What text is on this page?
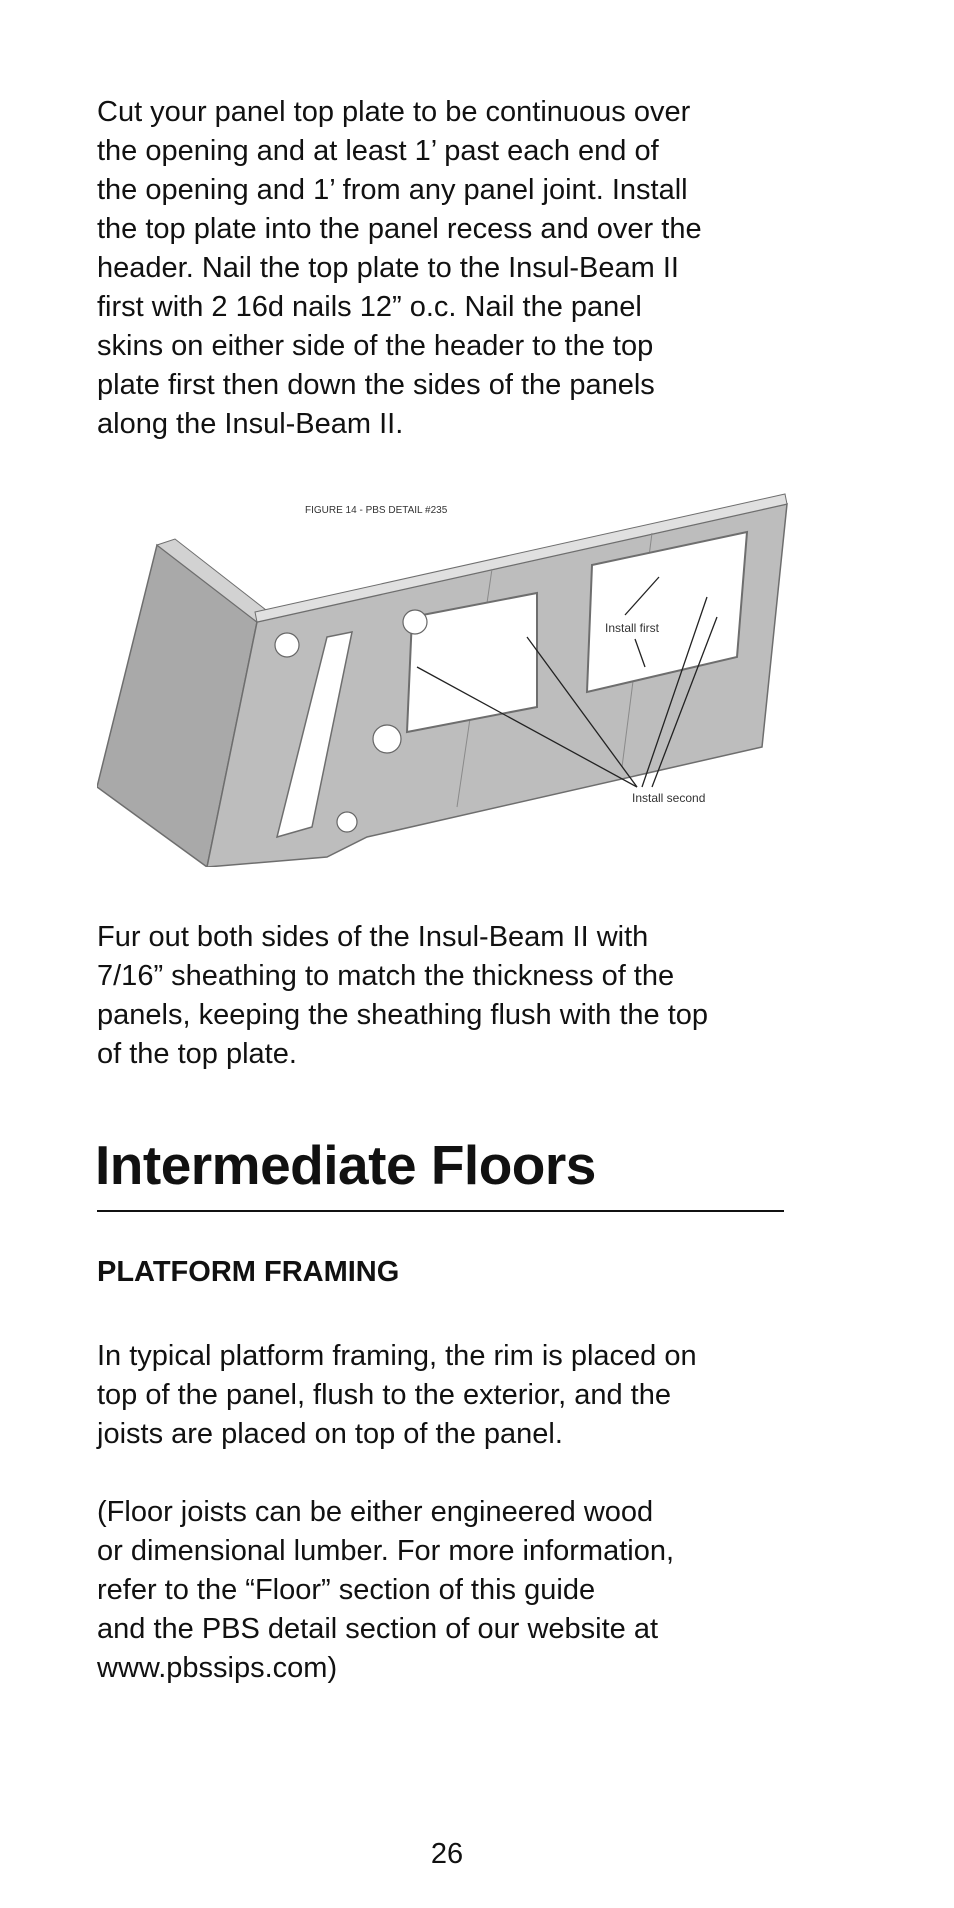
Cut your panel top plate to be continuous over
the opening and at least 1’ past each end of
the opening and 1’ from any panel joint. Install
the top plate into the panel recess and over the
header. Nail the top plate to the Insul-Beam II
first with 2 16d nails 12” o.c. Nail the panel
skins on either side of the header to the top
plate first then down the sides of the panels
along the Insul-Beam II.

FIGURE 14 - PBS DETAIL #235
Install first
Install second

Fur out both sides of the Insul-Beam II with
7/16” sheathing to match the thickness of the
panels, keeping the sheathing flush with the top
of the top plate.

Intermediate Floors
PLATFORM FRAMING

In typical platform framing, the rim is placed on
top of the panel, flush to the exterior, and the
joists are placed on top of the panel.

(Floor joists can be either engineered wood
or dimensional lumber. For more information,
refer to the “Floor” section of this guide
and the PBS detail section of our website at
www.pbssips.com)

26
